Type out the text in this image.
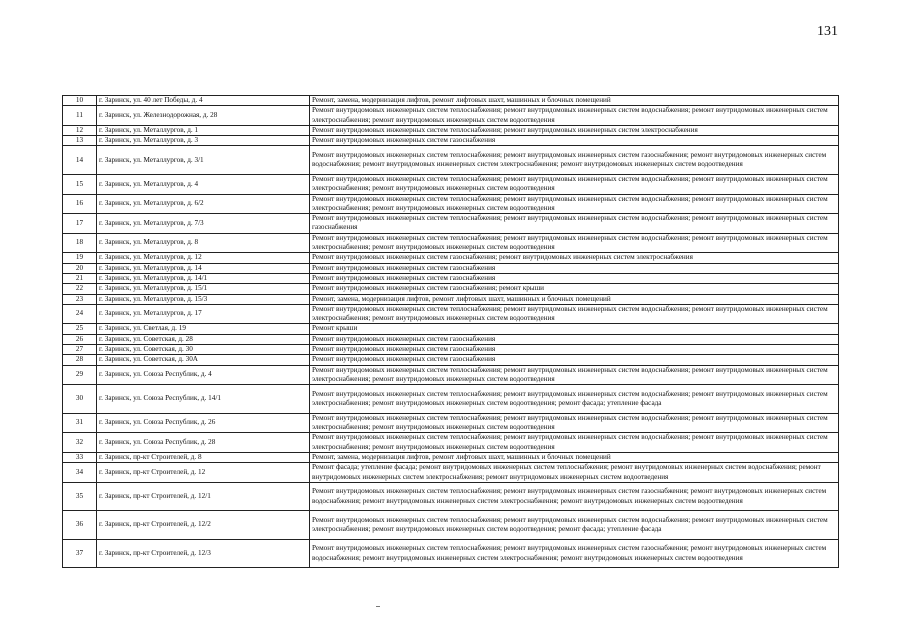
131
10	г. Заринск, ул. 40 лет Победы, д. 4	Ремонт, замена, модернизация лифтов, ремонт лифтовых шахт, машинных и блочных помещений
11	г. Заринск, ул. Железнодорожная, д. 28	Ремонт внутридомовых инженерных систем теплоснабжения; ремонт внутридомовых инженерных систем водоснабжения; ремонт внутридомовых инженерных систем электроснабжения; ремонт внутридомовых инженерных систем водоотведения
12	г. Заринск, ул. Металлургов, д. 1	Ремонт внутридомовых инженерных систем теплоснабжения; ремонт внутридомовых инженерных систем электроснабжения
13	г. Заринск, ул. Металлургов, д. 3	Ремонт внутридомовых инженерных систем газоснабжения
14	г. Заринск, ул. Металлургов, д. 3/1	Ремонт внутридомовых инженерных систем теплоснабжения; ремонт внутридомовых инженерных систем газоснабжения; ремонт внутридомовых инженерных систем водоснабжения; ремонт внутридомовых инженерных систем электроснабжения; ремонт внутридомовых инженерных систем водоотведения
15	г. Заринск, ул. Металлургов, д. 4	Ремонт внутридомовых инженерных систем теплоснабжения; ремонт внутридомовых инженерных систем водоснабжения; ремонт внутридомовых инженерных систем электроснабжения; ремонт внутридомовых инженерных систем водоотведения
16	г. Заринск, ул. Металлургов, д. 6/2	Ремонт внутридомовых инженерных систем теплоснабжения; ремонт внутридомовых инженерных систем водоснабжения; ремонт внутридомовых инженерных систем электроснабжения; ремонт внутридомовых инженерных систем водоотведения
17	г. Заринск, ул. Металлургов, д. 7/3	Ремонт внутридомовых инженерных систем теплоснабжения; ремонт внутридомовых инженерных систем водоснабжения; ремонт внутридомовых инженерных систем газоснабжения
18	г. Заринск, ул. Металлургов, д. 8	Ремонт внутридомовых инженерных систем теплоснабжения; ремонт внутридомовых инженерных систем водоснабжения; ремонт внутридомовых инженерных систем электроснабжения; ремонт внутридомовых инженерных систем водоотведения
19	г. Заринск, ул. Металлургов, д. 12	Ремонт внутридомовых инженерных систем газоснабжения; ремонт внутридомовых инженерных систем электроснабжения
20	г. Заринск, ул. Металлургов, д. 14	Ремонт внутридомовых инженерных систем газоснабжения
21	г. Заринск, ул. Металлургов, д. 14/1	Ремонт внутридомовых инженерных систем газоснабжения
22	г. Заринск, ул. Металлургов, д. 15/1	Ремонт внутридомовых инженерных систем газоснабжения; ремонт крыши
23	г. Заринск, ул. Металлургов, д. 15/3	Ремонт, замена, модернизация лифтов, ремонт лифтовых шахт, машинных и блочных помещений
24	г. Заринск, ул. Металлургов, д. 17	Ремонт внутридомовых инженерных систем теплоснабжения; ремонт внутридомовых инженерных систем водоснабжения; ремонт внутридомовых инженерных систем электроснабжения; ремонт внутридомовых инженерных систем водоотведения
25	г. Заринск, ул. Светлая, д. 19	Ремонт крыши
26	г. Заринск, ул. Советская, д. 28	Ремонт внутридомовых инженерных систем газоснабжения
27	г. Заринск, ул. Советская, д. 30	Ремонт внутридомовых инженерных систем газоснабжения
28	г. Заринск, ул. Советская, д. 30А	Ремонт внутридомовых инженерных систем газоснабжения
29	г. Заринск, ул. Союза Республик, д. 4	Ремонт внутридомовых инженерных систем теплоснабжения; ремонт внутридомовых инженерных систем водоснабжения; ремонт внутридомовых инженерных систем электроснабжения; ремонт внутридомовых инженерных систем водоотведения
30	г. Заринск, ул. Союза Республик, д. 14/1	Ремонт внутридомовых инженерных систем теплоснабжения; ремонт внутридомовых инженерных систем водоснабжения; ремонт внутридомовых инженерных систем электроснабжения; ремонт внутридомовых инженерных систем водоотведения; ремонт фасада; утепление фасада
31	г. Заринск, ул. Союза Республик, д. 26	Ремонт внутридомовых инженерных систем теплоснабжения; ремонт внутридомовых инженерных систем водоснабжения; ремонт внутридомовых инженерных систем электроснабжения; ремонт внутридомовых инженерных систем водоотведения
32	г. Заринск, ул. Союза Республик, д. 28	Ремонт внутридомовых инженерных систем теплоснабжения; ремонт внутридомовых инженерных систем водоснабжения; ремонт внутридомовых инженерных систем электроснабжения; ремонт внутридомовых инженерных систем водоотведения
33	г. Заринск, пр-кт Строителей, д. 8	Ремонт, замена, модернизация лифтов, ремонт лифтовых шахт, машинных и блочных помещений
34	г. Заринск, пр-кт Строителей, д. 12	Ремонт фасада; утепление фасада; ремонт внутридомовых инженерных систем теплоснабжения; ремонт внутридомовых инженерных систем водоснабжения; ремонт внутридомовых инженерных систем электроснабжения; ремонт внутридомовых инженерных систем водоотведения
35	г. Заринск, пр-кт Строителей, д. 12/1	Ремонт внутридомовых инженерных систем теплоснабжения; ремонт внутридомовых инженерных систем газоснабжения; ремонт внутридомовых инженерных систем водоснабжения; ремонт внутридомовых инженерных систем электроснабжения; ремонт внутридомовых инженерных систем водоотведения
36	г. Заринск, пр-кт Строителей, д. 12/2	Ремонт внутридомовых инженерных систем теплоснабжения; ремонт внутридомовых инженерных систем водоснабжения; ремонт внутридомовых инженерных систем электроснабжения; ремонт внутридомовых инженерных систем водоотведения; ремонт фасада; утепление фасада
37	г. Заринск, пр-кт Строителей, д. 12/3	Ремонт внутридомовых инженерных систем теплоснабжения; ремонт внутридомовых инженерных систем газоснабжения; ремонт внутридомовых инженерных систем водоснабжения; ремонт внутридомовых инженерных систем электроснабжения; ремонт внутридомовых инженерных систем водоотведения
